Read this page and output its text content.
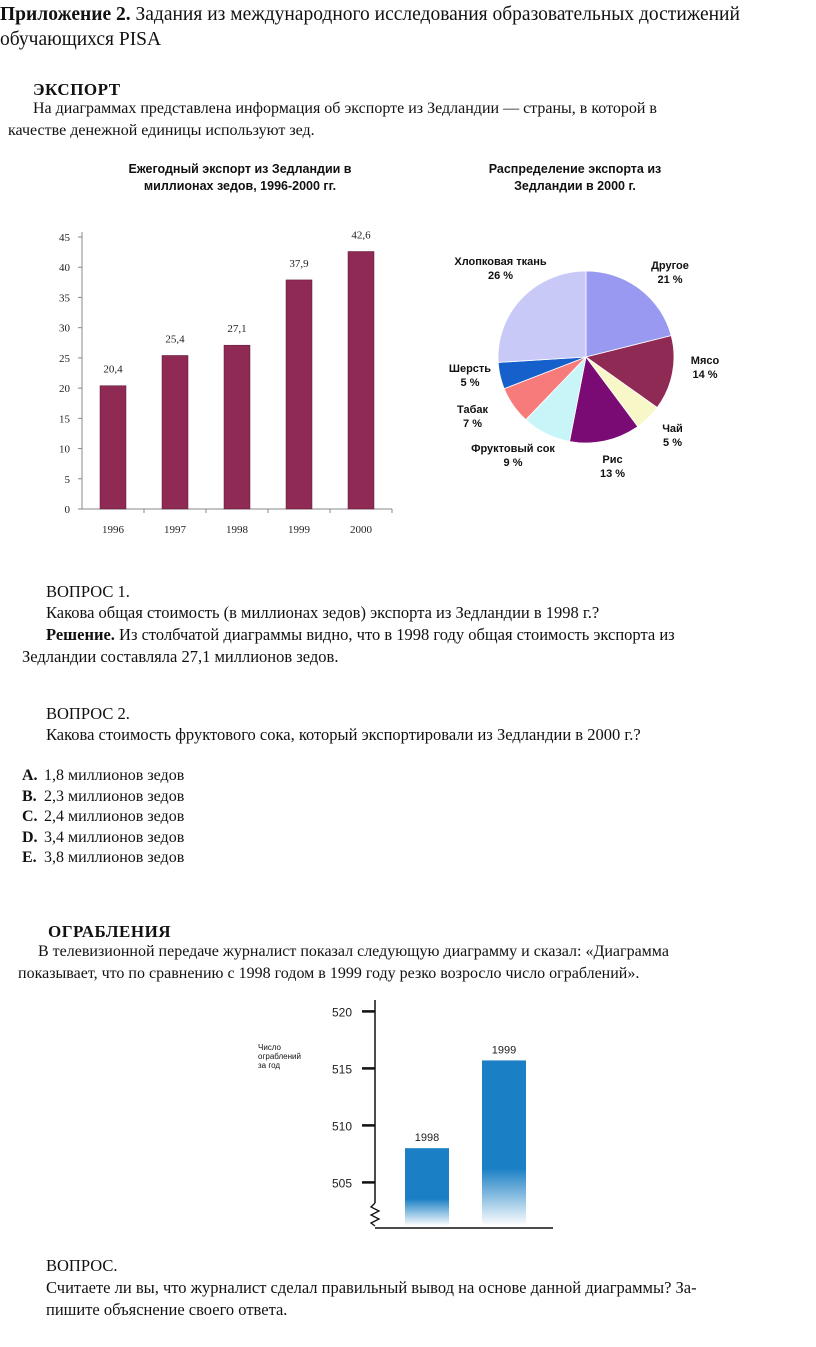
Приложение 2. Задания из международного исследования образовательных достижений обучающихся PISA
ЭКСПОРТ
На диаграммах представлена информация об экспорте из Зедландии — страны, в которой в
качестве денежной единицы используют зед.
Ежегодный экспорт из Зедландии в
миллионах зедов, 1996-2000 гг.
Распределение экспорта из
Зедландии в 2000 г.
0
5
10
15
20
25
30
35
40
45
20,4
1996
25,4
1997
27,1
1998
37,9
1999
42,6
2000
Хлопковая ткань
26 %
Другое
21 %
Мясо
14 %
Чай
5 %
Рис
13 %
Фруктовый сок
9 %
Табак
7 %
Шерсть
5 %
ВОПРОС 1.
Какова общая стоимость (в миллионах зедов) экспорта из Зедландии в 1998 г.?
Решение. Из столбчатой диаграммы видно, что в 1998 году общая стоимость экспорта из
Зедландии составляла 27,1 миллионов зедов.
ВОПРОС 2.
Какова стоимость фруктового сока, который экспортировали из Зедландии в 2000 г.?
A. 1,8 миллионов зедов
B. 2,3 миллионов зедов
C. 2,4 миллионов зедов
D. 3,4 миллионов зедов
E. 3,8 миллионов зедов
ОГРАБЛЕНИЯ
В телевизионной передаче журналист показал следующую диаграмму и сказал: «Диаграмма
показывает, что по сравнению с 1998 годом в 1999 году резко возросло число ограблений».
505
510
515
520
1998
1999
Число
ограблений
за год
ВОПРОС.
Считаете ли вы, что журналист сделал правильный вывод на основе данной диаграммы? За-
пишите объяснение своего ответа.
